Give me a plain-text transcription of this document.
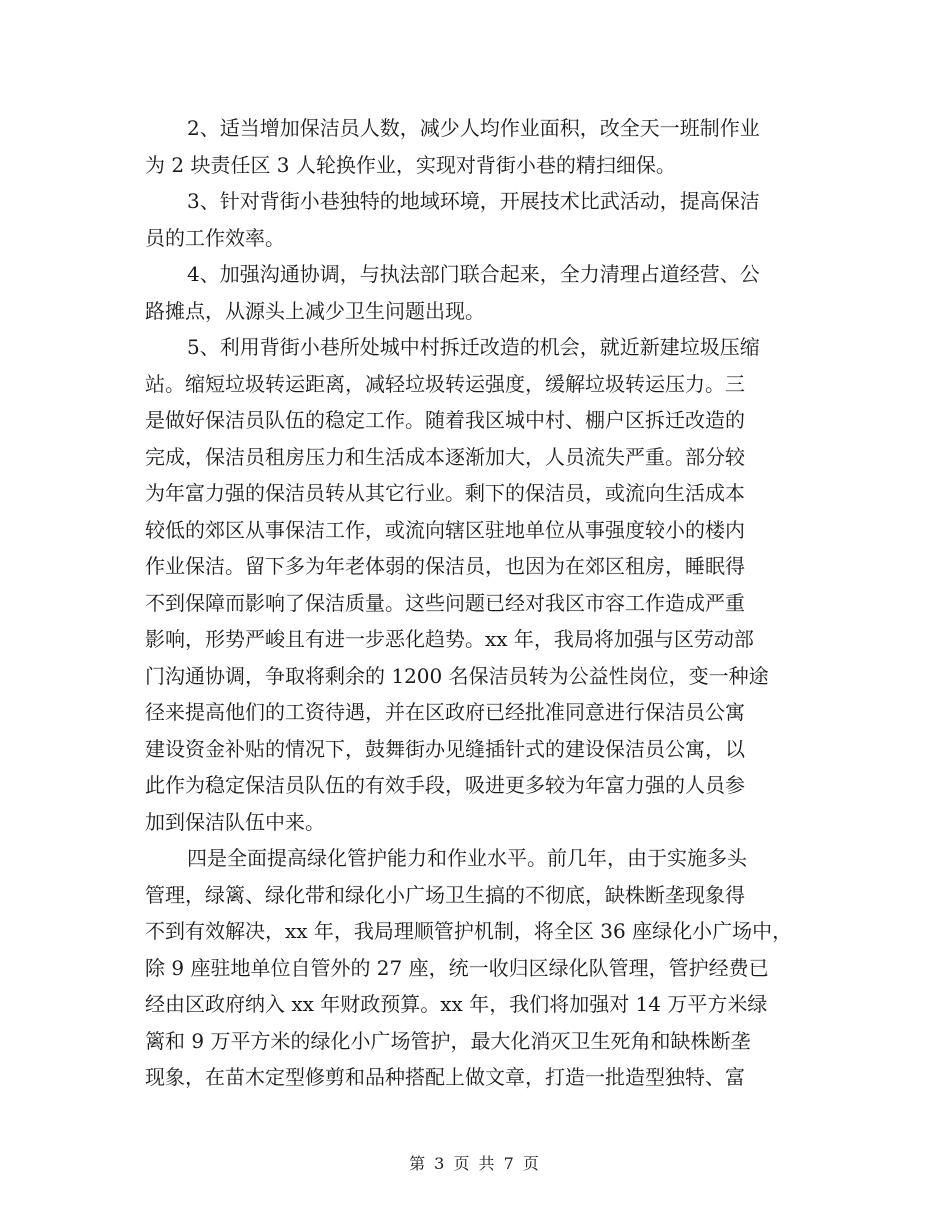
2、适当增加保洁员人数，减少人均作业面积，改全天一班制作业
为 2 块责任区 3 人轮换作业，实现对背街小巷的精扫细保。

3、针对背街小巷独特的地域环境，开展技术比武活动，提高保洁
员的工作效率。

4、加强沟通协调，与执法部门联合起来，全力清理占道经营、公
路摊点，从源头上减少卫生问题出现。

5、利用背街小巷所处城中村拆迁改造的机会，就近新建垃圾压缩
站。缩短垃圾转运距离，减轻垃圾转运强度，缓解垃圾转运压力。三
是做好保洁员队伍的稳定工作。随着我区城中村、棚户区拆迁改造的
完成，保洁员租房压力和生活成本逐渐加大，人员流失严重。部分较
为年富力强的保洁员转从其它行业。剩下的保洁员，或流向生活成本
较低的郊区从事保洁工作，或流向辖区驻地单位从事强度较小的楼内
作业保洁。留下多为年老体弱的保洁员，也因为在郊区租房，睡眠得
不到保障而影响了保洁质量。这些问题已经对我区市容工作造成严重
影响，形势严峻且有进一步恶化趋势。xx 年，我局将加强与区劳动部
门沟通协调，争取将剩余的 1200 名保洁员转为公益性岗位，变一种途
径来提高他们的工资待遇，并在区政府已经批准同意进行保洁员公寓
建设资金补贴的情况下，鼓舞街办见缝插针式的建设保洁员公寓，以
此作为稳定保洁员队伍的有效手段，吸进更多较为年富力强的人员参
加到保洁队伍中来。

四是全面提高绿化管护能力和作业水平。前几年，由于实施多头
管理，绿篱、绿化带和绿化小广场卫生搞的不彻底，缺株断垄现象得
不到有效解决，xx 年，我局理顺管护机制，将全区 36 座绿化小广场中，
除 9 座驻地单位自管外的 27 座，统一收归区绿化队管理，管护经费已
经由区政府纳入 xx 年财政预算。xx 年，我们将加强对 14 万平方米绿
篱和 9 万平方米的绿化小广场管护，最大化消灭卫生死角和缺株断垄
现象，在苗木定型修剪和品种搭配上做文章，打造一批造型独特、富

第 3 页 共 7 页
